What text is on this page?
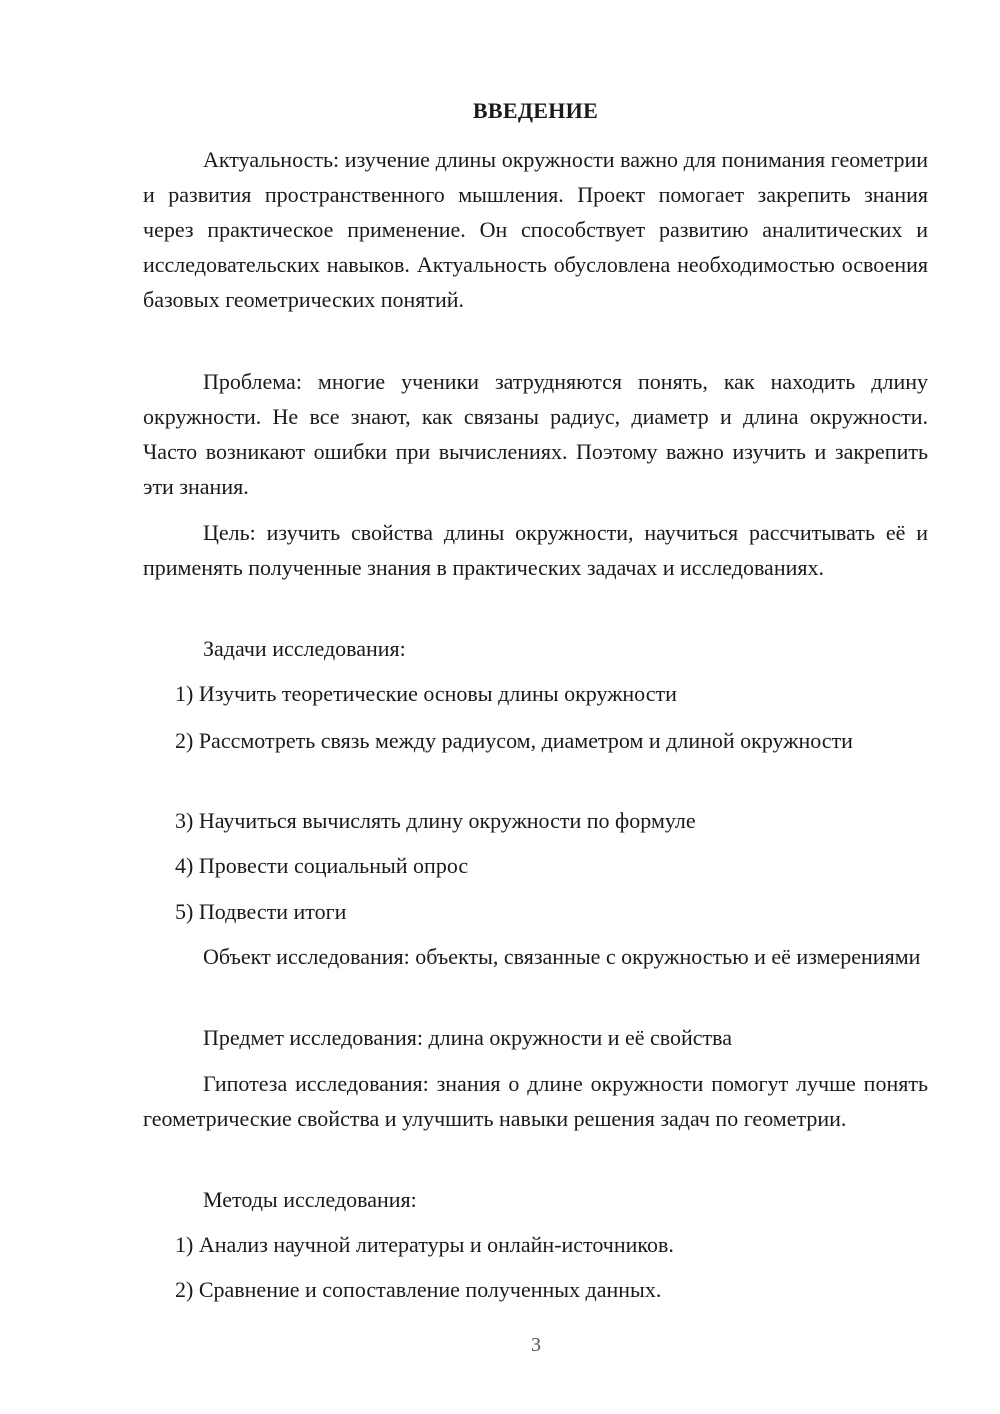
ВВЕДЕНИЕ

Актуальность: изучение длины окружности важно для понимания геометрии и развития пространственного мышления. Проект помогает закрепить знания через практическое применение. Он способствует развитию аналитических и исследовательских навыков. Актуальность обусловлена необходимостью освоения базовых геометрических понятий.

Проблема: многие ученики затрудняются понять, как находить длину окружности. Не все знают, как связаны радиус, диаметр и длина окружности. Часто возникают ошибки при вычислениях. Поэтому важно изучить и закрепить эти знания.

Цель: изучить свойства длины окружности, научиться рассчитывать её и применять полученные знания в практических задачах и исследованиях.

Задачи исследования:

1) Изучить теоретические основы длины окружности

2) Рассмотреть связь между радиусом, диаметром и длиной окружности

3) Научиться вычислять длину окружности по формуле

4) Провести социальный опрос

5) Подвести итоги

Объект исследования: объекты, связанные с окружностью и её измерениями

Предмет исследования: длина окружности и её свойства

Гипотеза исследования: знания о длине окружности помогут лучше понять геометрические свойства и улучшить навыки решения задач по геометрии.

Методы исследования:

1) Анализ научной литературы и онлайн-источников.

2) Сравнение и сопоставление полученных данных.

3
